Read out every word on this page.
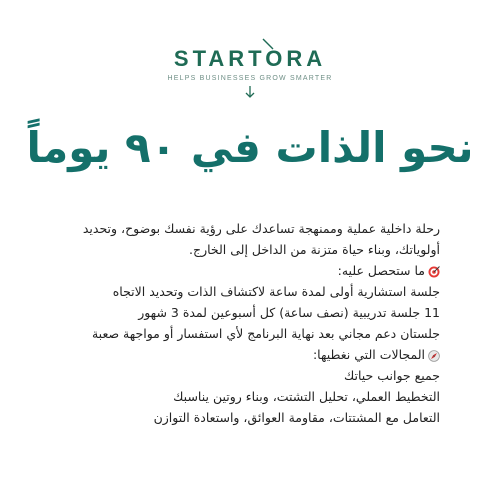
STARTORA
HELPS BUSINESSES GROW SMARTER
نحو الذات في ٩٠ يوماً
رحلة داخلية عملية وممنهجة تساعدك على رؤية نفسك بوضوح، وتحديد
أولوياتك، وبناء حياة متزنة من الداخل إلى الخارج.
ما ستحصل عليه:
جلسة استشارية أولى لمدة ساعة لاكتشاف الذات وتحديد الاتجاه
11 جلسة تدريبية (نصف ساعة) كل أسبوعين لمدة 3 شهور
جلستان دعم مجاني بعد نهاية البرنامج لأي استفسار أو مواجهة صعبة
المجالات التي نغطيها:
جميع جوانب حياتك
التخطيط العملي، تحليل التشتت، وبناء روتين يناسبك
التعامل مع المشتتات، مقاومة العوائق، واستعادة التوازن
